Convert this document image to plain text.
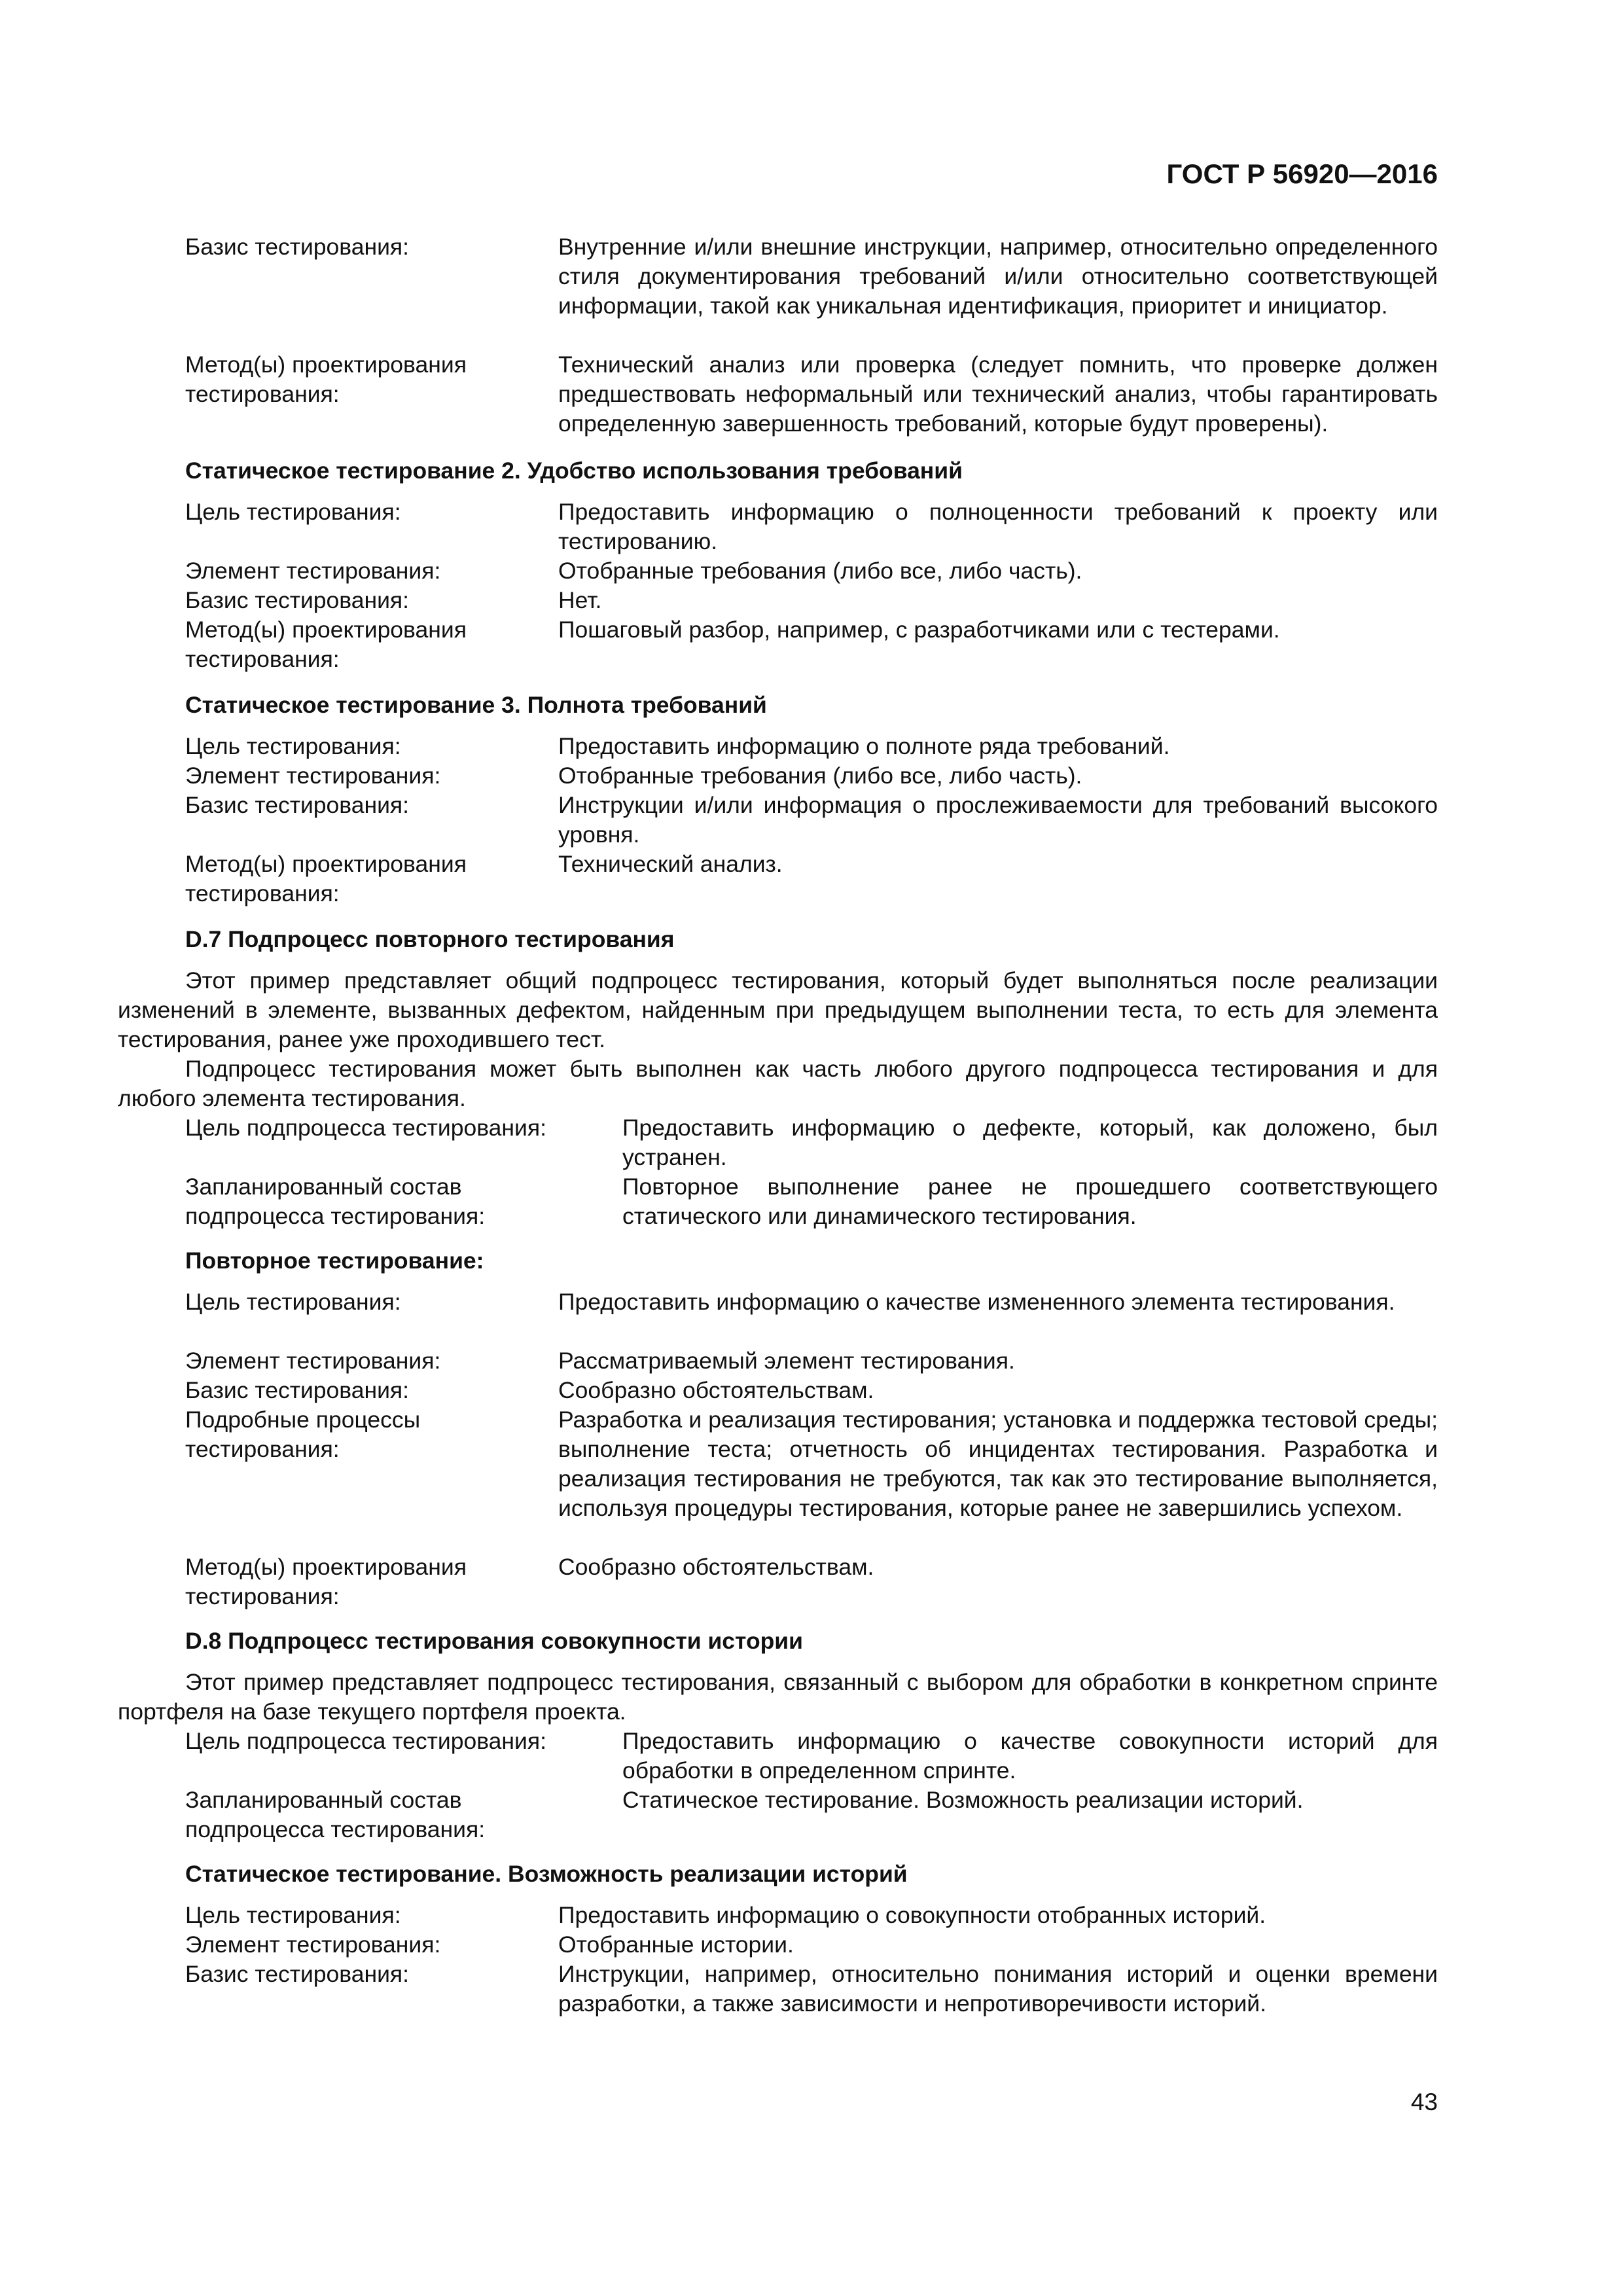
ГОСТ Р 56920—2016
Базис тестирования:	Внутренние и/или внешние инструкции, например, относительно определенного стиля документирования требований и/или относительно соответствующей информации, такой как уникальная идентификация, приоритет и инициатор.
Метод(ы) проектирования тестирования:
Технический анализ или проверка (следует помнить, что проверке должен предшествовать неформальный или технический анализ, чтобы гарантировать определенную завершенность требований, которые будут проверены).
Статическое тестирование 2. Удобство использования требований
Цель тестирования:	Предоставить информацию о полноценности требований к проекту или тестированию.
Элемент тестирования:	Отобранные требования (либо все, либо часть).
Базис тестирования:	Нет.
Метод(ы) проектирования тестирования:
Пошаговый разбор, например, с разработчиками или с тестерами.
Статическое тестирование 3. Полнота требований
Цель тестирования:	Предоставить информацию о полноте ряда требований.
Элемент тестирования:	Отобранные требования (либо все, либо часть).
Базис тестирования:	Инструкции и/или информация о прослеживаемости для требований высокого уровня.
Метод(ы) проектирования тестирования:
Технический анализ.
D.7 Подпроцесс повторного тестирования
Этот пример представляет общий подпроцесс тестирования, который будет выполняться после реализации изменений в элементе, вызванных дефектом, найденным при предыдущем выполнении теста, то есть для элемента тестирования, ранее уже проходившего тест.
Подпроцесс тестирования может быть выполнен как часть любого другого подпроцесса тестирования и для любого элемента тестирования.
Цель подпроцесса тестирования:	Предоставить информацию о дефекте, который, как доложено, был устранен.
Запланированный состав подпроцесса тестирования:
Повторное выполнение ранее не прошедшего соответствующего статического или динамического тестирования.
Повторное тестирование:
Цель тестирования:	Предоставить информацию о качестве измененного элемента тестирования.
Элемент тестирования:	Рассматриваемый элемент тестирования.
Базис тестирования:	Сообразно обстоятельствам.
Подробные процессы тестирования:
Разработка и реализация тестирования; установка и поддержка тестовой среды; выполнение теста; отчетность об инцидентах тестирования. Разработка и реализация тестирования не требуются, так как это тестирование выполняется, используя процедуры тестирования, которые ранее не завершились успехом.
Метод(ы) проектирования тестирования:
Сообразно обстоятельствам.
D.8 Подпроцесс тестирования совокупности истории
Этот пример представляет подпроцесс тестирования, связанный с выбором для обработки в конкретном спринте портфеля на базе текущего портфеля проекта.
Цель подпроцесса тестирования:	Предоставить информацию о качестве совокупности историй для обработки в определенном спринте.
Запланированный состав подпроцесса тестирования:
Статическое тестирование. Возможность реализации историй.
Статическое тестирование. Возможность реализации историй
Цель тестирования:	Предоставить информацию о совокупности отобранных историй.
Элемент тестирования:	Отобранные истории.
Базис тестирования:	Инструкции, например, относительно понимания историй и оценки времени разработки, а также зависимости и непротиворечивости историй.
43
